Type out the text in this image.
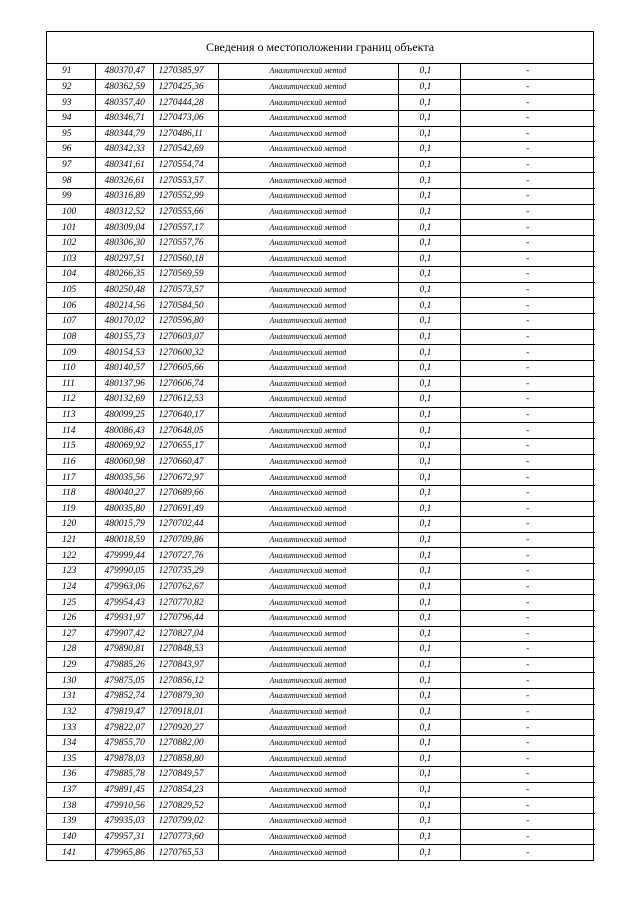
Сведения о местоположении границ объекта
91	480370,47	1270385,97	Аналитический метод	0,1	-
92	480362,59	1270425,36	Аналитический метод	0,1	-
93	480357,40	1270444,28	Аналитический метод	0,1	-
94	480346,71	1270473,06	Аналитический метод	0,1	-
95	480344,79	1270486,11	Аналитический метод	0,1	-
96	480342,33	1270542,69	Аналитический метод	0,1	-
97	480341,61	1270554,74	Аналитический метод	0,1	-
98	480326,61	1270553,57	Аналитический метод	0,1	-
99	480316,89	1270552,99	Аналитический метод	0,1	-
100	480312,52	1270555,66	Аналитический метод	0,1	-
101	480309,04	1270557,17	Аналитический метод	0,1	-
102	480306,30	1270557,76	Аналитический метод	0,1	-
103	480297,51	1270560,18	Аналитический метод	0,1	-
104	480266,35	1270569,59	Аналитический метод	0,1	-
105	480250,48	1270573,57	Аналитический метод	0,1	-
106	480214,56	1270584,50	Аналитический метод	0,1	-
107	480170,02	1270596,80	Аналитический метод	0,1	-
108	480155,73	1270603,07	Аналитический метод	0,1	-
109	480154,53	1270600,32	Аналитический метод	0,1	-
110	480140,57	1270605,66	Аналитический метод	0,1	-
111	480137,96	1270606,74	Аналитический метод	0,1	-
112	480132,69	1270612,53	Аналитический метод	0,1	-
113	480099,25	1270640,17	Аналитический метод	0,1	-
114	480086,43	1270648,05	Аналитический метод	0,1	-
115	480069,92	1270655,17	Аналитический метод	0,1	-
116	480060,98	1270660,47	Аналитический метод	0,1	-
117	480035,56	1270672,97	Аналитический метод	0,1	-
118	480040,27	1270689,66	Аналитический метод	0,1	-
119	480035,80	1270691,49	Аналитический метод	0,1	-
120	480015,79	1270702,44	Аналитический метод	0,1	-
121	480018,59	1270709,86	Аналитический метод	0,1	-
122	479999,44	1270727,76	Аналитический метод	0,1	-
123	479990,05	1270735,29	Аналитический метод	0,1	-
124	479963,06	1270762,67	Аналитический метод	0,1	-
125	479954,43	1270770,82	Аналитический метод	0,1	-
126	479931,97	1270796,44	Аналитический метод	0,1	-
127	479907,42	1270827,04	Аналитический метод	0,1	-
128	479890,81	1270848,53	Аналитический метод	0,1	-
129	479885,26	1270843,97	Аналитический метод	0,1	-
130	479875,05	1270856,12	Аналитический метод	0,1	-
131	479852,74	1270879,30	Аналитический метод	0,1	-
132	479819,47	1270918,01	Аналитический метод	0,1	-
133	479822,07	1270920,27	Аналитический метод	0,1	-
134	479855,70	1270882,00	Аналитический метод	0,1	-
135	479878,03	1270858,80	Аналитический метод	0,1	-
136	479885,78	1270849,57	Аналитический метод	0,1	-
137	479891,45	1270854,23	Аналитический метод	0,1	-
138	479910,56	1270829,52	Аналитический метод	0,1	-
139	479935,03	1270799,02	Аналитический метод	0,1	-
140	479957,31	1270773,60	Аналитический метод	0,1	-
141	479965,86	1270765,53	Аналитический метод	0,1	-
